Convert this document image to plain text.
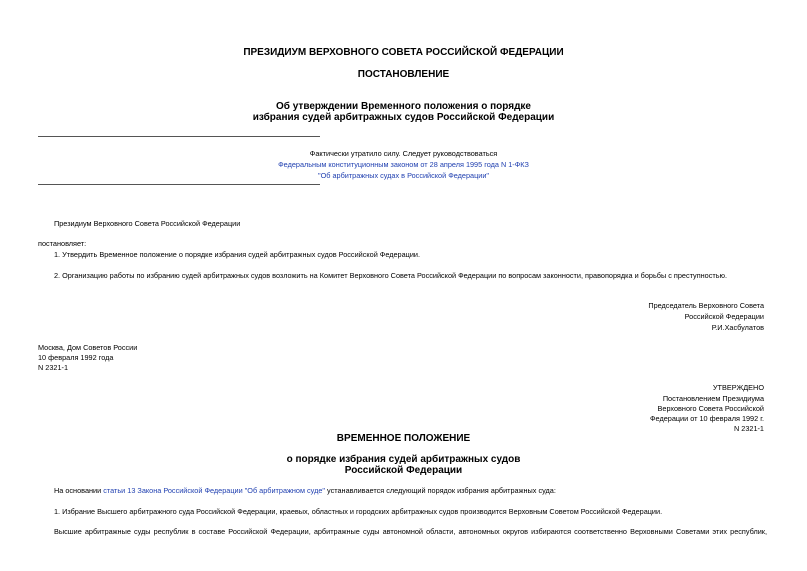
ПРЕЗИДИУМ ВЕРХОВНОГО СОВЕТА РОССИЙСКОЙ ФЕДЕРАЦИИ
ПОСТАНОВЛЕНИЕ
Об утверждении Временного положения о порядке
избрания судей арбитражных судов Российской Федерации
Фактически утратило силу. Следует руководствоваться
Федеральным конституционным законом от 28 апреля 1995 года N 1-ФКЗ
"Об арбитражных судах в Российской Федерации"
Президиум Верховного Совета Российской Федерации
постановляет:
1. Утвердить Временное положение о порядке избрания судей арбитражных судов Российской Федерации.
2. Организацию работы по избранию судей арбитражных судов возложить на Комитет Верховного Совета Российской Федерации по вопросам законности, правопорядка и борьбы с преступностью.
Председатель Верховного Совета
Российской Федерации
Р.И.Хасбулатов
Москва, Дом Советов России
10 февраля 1992 года
N 2321-1
УТВЕРЖДЕНО
Постановлением Президиума
Верховного Совета Российской
Федерации от 10 февраля 1992 г.
N 2321-1
ВРЕМЕННОЕ ПОЛОЖЕНИЕ
о порядке избрания судей арбитражных судов
Российской Федерации
На основании статьи 13 Закона Российской Федерации "Об арбитражном суде" устанавливается следующий порядок избрания арбитражных суда:
1. Избрание Высшего арбитражного суда Российской Федерации, краевых, областных и городских арбитражных судов производится Верховным Советом Российской Федерации.
Высшие арбитражные суды республик в составе Российской Федерации, арбитражные суды автономной области, автономных округов избираются соответственно Верховными Советами этих республик,
